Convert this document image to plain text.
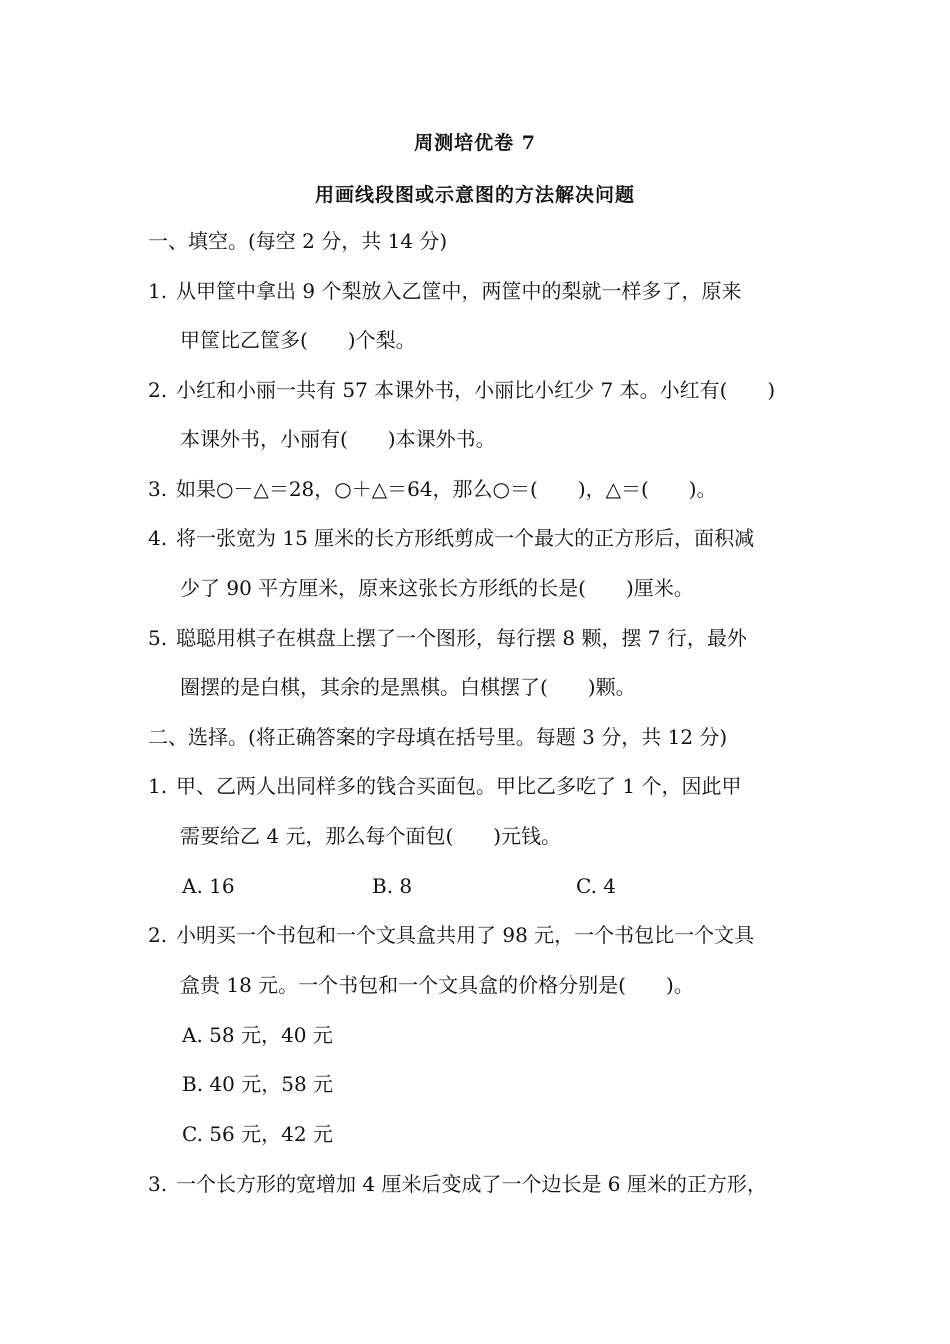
周测培优卷 7
用画线段图或示意图的方法解决问题
一、填空。(每空 2 分，共 14 分)
1. 从甲筐中拿出 9 个梨放入乙筐中，两筐中的梨就一样多了，原来
甲筐比乙筐多(　　)个梨。
2. 小红和小丽一共有 57 本课外书，小丽比小红少 7 本。小红有(　　)
本课外书，小丽有(　　)本课外书。
3. 如果○－△＝28，○＋△＝64，那么○＝(　　)，△＝(　　)。
4. 将一张宽为 15 厘米的长方形纸剪成一个最大的正方形后，面积减
少了 90 平方厘米，原来这张长方形纸的长是(　　)厘米。
5. 聪聪用棋子在棋盘上摆了一个图形，每行摆 8 颗，摆 7 行，最外
圈摆的是白棋，其余的是黑棋。白棋摆了(　　)颗。
二、选择。(将正确答案的字母填在括号里。每题 3 分，共 12 分)
1. 甲、乙两人出同样多的钱合买面包。甲比乙多吃了 1 个，因此甲
需要给乙 4 元，那么每个面包(　　)元钱。
A. 16	B. 8	C. 4
2. 小明买一个书包和一个文具盒共用了 98 元，一个书包比一个文具
盒贵 18 元。一个书包和一个文具盒的价格分别是(　　)。
A. 58 元，40 元
B. 40 元，58 元
C. 56 元，42 元
3. 一个长方形的宽增加 4 厘米后变成了一个边长是 6 厘米的正方形，
